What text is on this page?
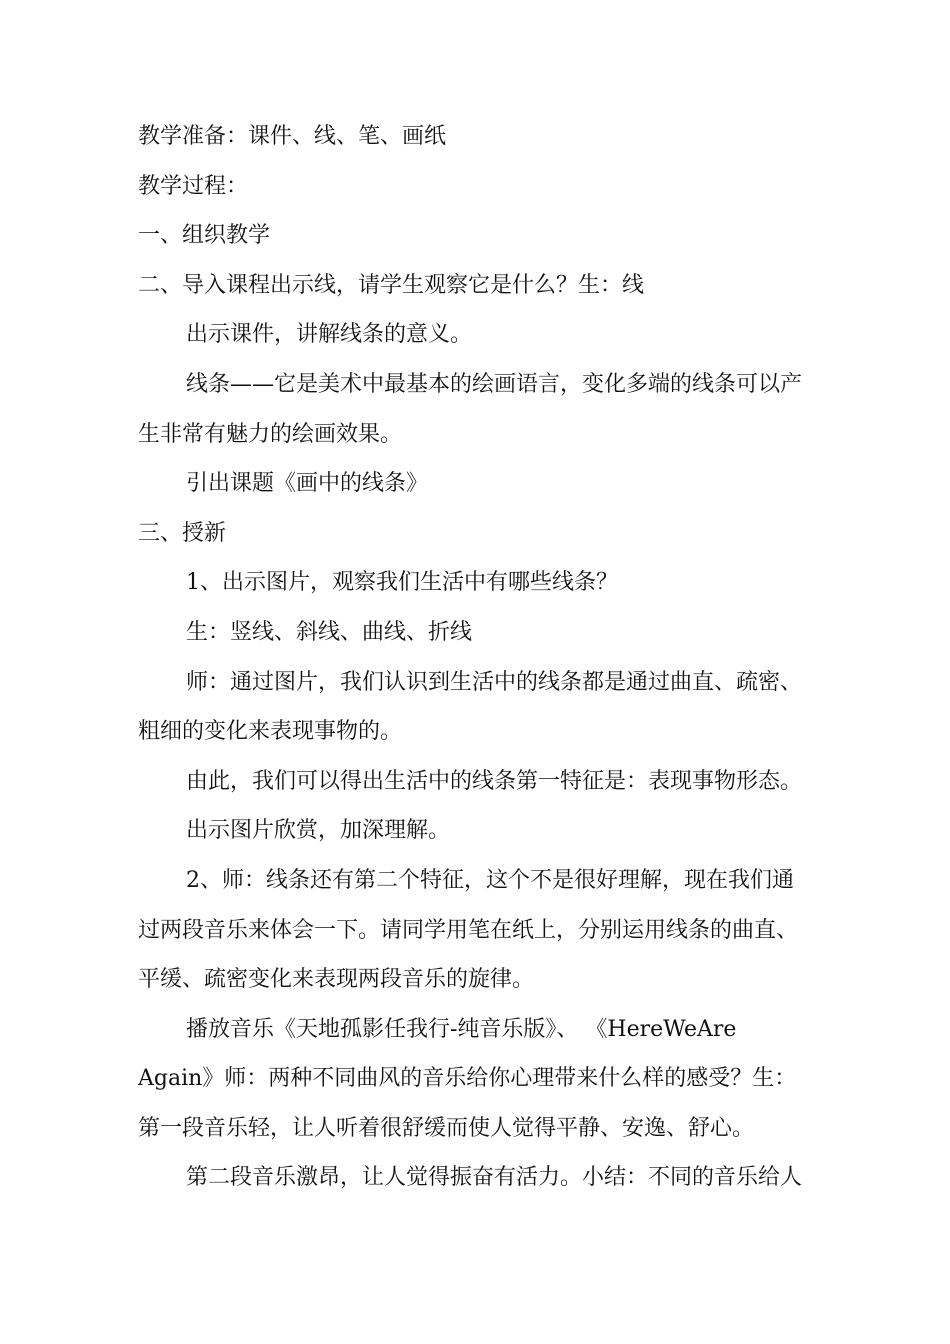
教学准备：课件、线、笔、画纸
教学过程：
一、组织教学
二、导入课程出示线，请学生观察它是什么？生：线
出示课件，讲解线条的意义。
线条——它是美术中最基本的绘画语言，变化多端的线条可以产
生非常有魅力的绘画效果。
引出课题《画中的线条》
三、授新
1、出示图片，观察我们生活中有哪些线条？
生：竖线、斜线、曲线、折线
师：通过图片，我们认识到生活中的线条都是通过曲直、疏密、
粗细的变化来表现事物的。
由此，我们可以得出生活中的线条第一特征是：表现事物形态。
出示图片欣赏，加深理解。
2、师：线条还有第二个特征，这个不是很好理解，现在我们通
过两段音乐来体会一下。请同学用笔在纸上，分别运用线条的曲直、
平缓、疏密变化来表现两段音乐的旋律。
播放音乐《天地孤影任我行-纯音乐版》、 《HereWeAre
Again》师：两种不同曲风的音乐给你心理带来什么样的感受？生：
第一段音乐轻，让人听着很舒缓而使人觉得平静、安逸、舒心。
第二段音乐激昂，让人觉得振奋有活力。小结：不同的音乐给人
